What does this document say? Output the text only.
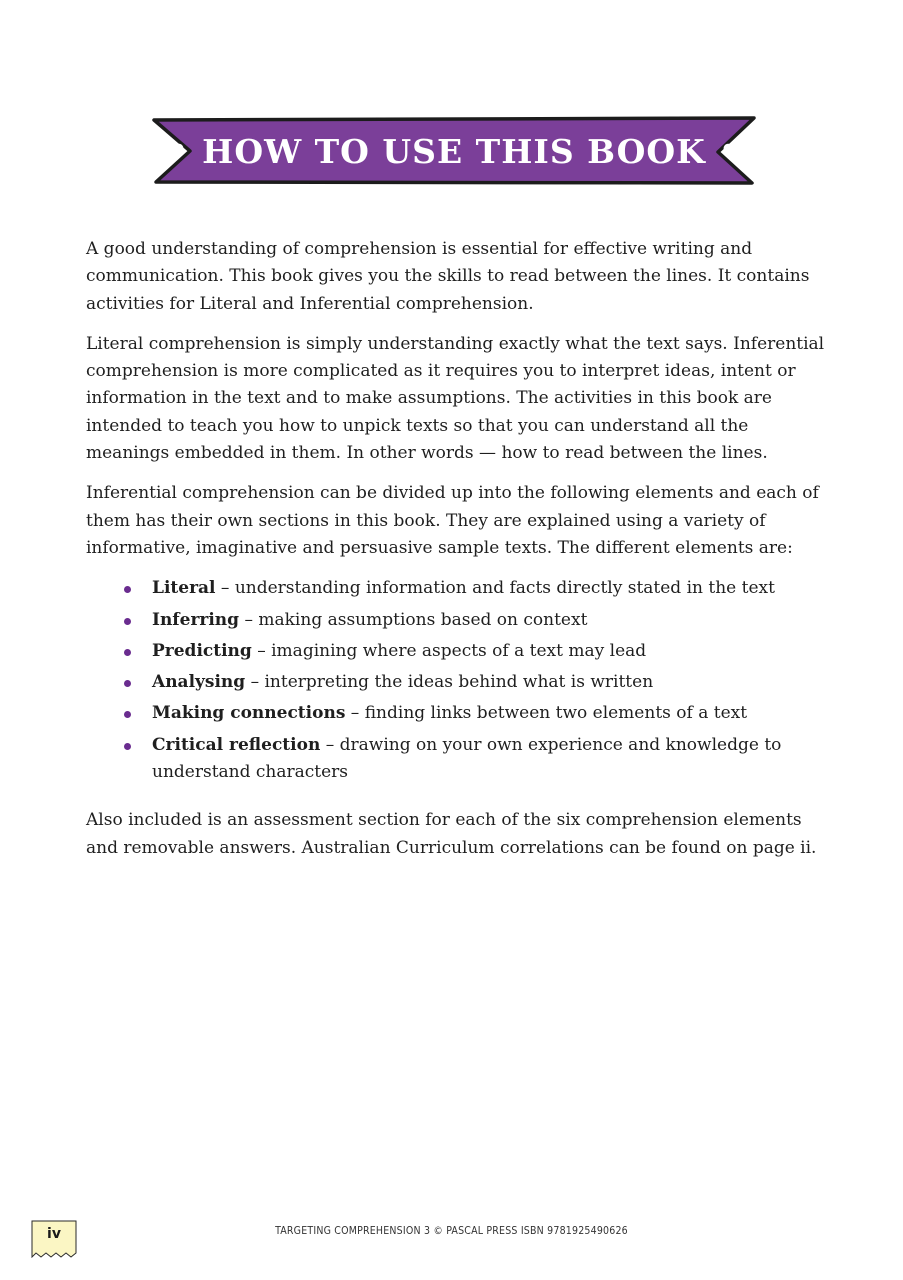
• HOW TO USE THIS BOOK •

A good understanding of comprehension is essential for effective writing and communication. This book gives you the skills to read between the lines. It contains activities for Literal and Inferential comprehension.

Literal comprehension is simply understanding exactly what the text says. Inferential comprehension is more complicated as it requires you to interpret ideas, intent or information in the text and to make assumptions. The activities in this book are intended to teach you how to unpick texts so that you can understand all the meanings embedded in them. In other words — how to read between the lines.

Inferential comprehension can be divided up into the following elements and each of them has their own sections in this book. They are explained using a variety of informative, imaginative and persuasive sample texts. The different elements are:

Literal – understanding information and facts directly stated in the text
Inferring – making assumptions based on context
Predicting – imagining where aspects of a text may lead
Analysing – interpreting the ideas behind what is written
Making connections – finding links between two elements of a text
Critical reflection – drawing on your own experience and knowledge to understand characters

Also included is an assessment section for each of the six comprehension elements and removable answers. Australian Curriculum correlations can be found on page ii.

iv	TARGETING COMPREHENSION 3 © PASCAL PRESS ISBN 9781925490626
